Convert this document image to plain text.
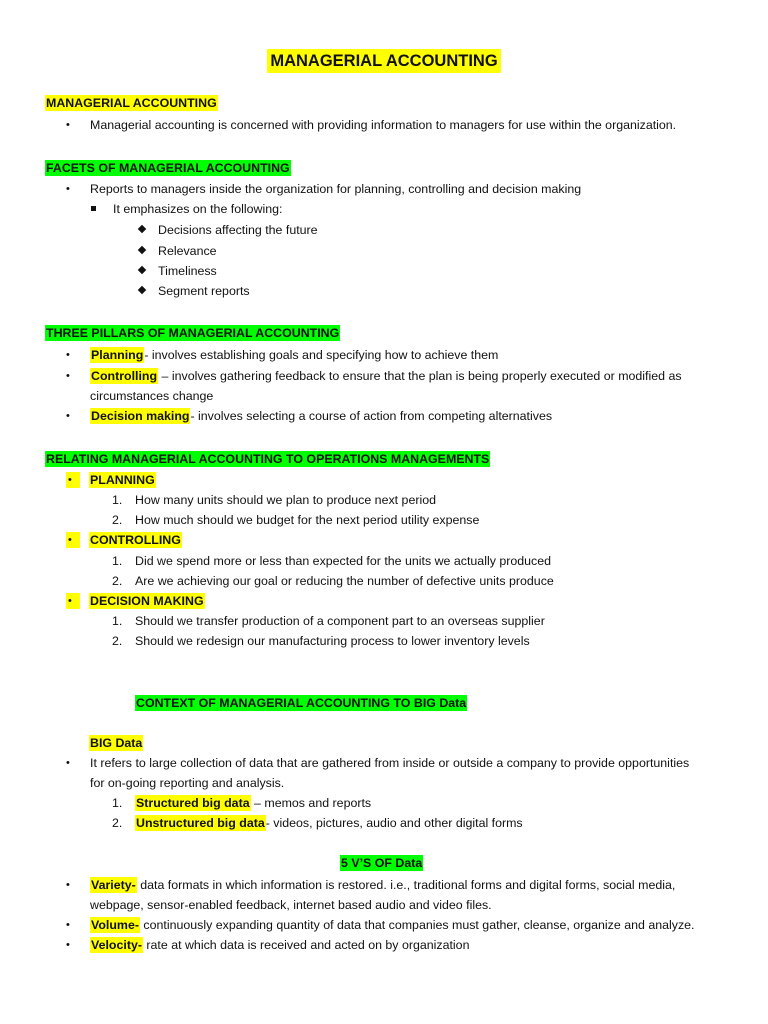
MANAGERIAL ACCOUNTING
MANAGERIAL ACCOUNTING
• Managerial accounting is concerned with providing information to managers for use within the organization.
FACETS OF MANAGERIAL ACCOUNTING
• Reports to managers inside the organization for planning, controlling and decision making
It emphasizes on the following:
Decisions affecting the future
Relevance
Timeliness
Segment reports
THREE PILLARS OF MANAGERIAL ACCOUNTING
• Planning- involves establishing goals and specifying how to achieve them
• Controlling – involves gathering feedback to ensure that the plan is being properly executed or modified as
circumstances change
• Decision making- involves selecting a course of action from competing alternatives
RELATING MANAGERIAL ACCOUNTING TO OPERATIONS MANAGEMENTS
• PLANNING
1. How many units should we plan to produce next period
2. How much should we budget for the next period utility expense
• CONTROLLING
1. Did we spend more or less than expected for the units we actually produced
2. Are we achieving our goal or reducing the number of defective units produce
• DECISION MAKING
1. Should we transfer production of a component part to an overseas supplier
2. Should we redesign our manufacturing process to lower inventory levels
CONTEXT OF MANAGERIAL ACCOUNTING TO BIG Data
BIG Data
• It refers to large collection of data that are gathered from inside or outside a company to provide opportunities
for on-going reporting and analysis.
1. Structured big data – memos and reports
2. Unstructured big data- videos, pictures, audio and other digital forms
5 V’S OF Data
• Variety- data formats in which information is restored. i.e., traditional forms and digital forms, social media,
webpage, sensor-enabled feedback, internet based audio and video files.
• Volume- continuously expanding quantity of data that companies must gather, cleanse, organize and analyze.
• Velocity- rate at which data is received and acted on by organization
